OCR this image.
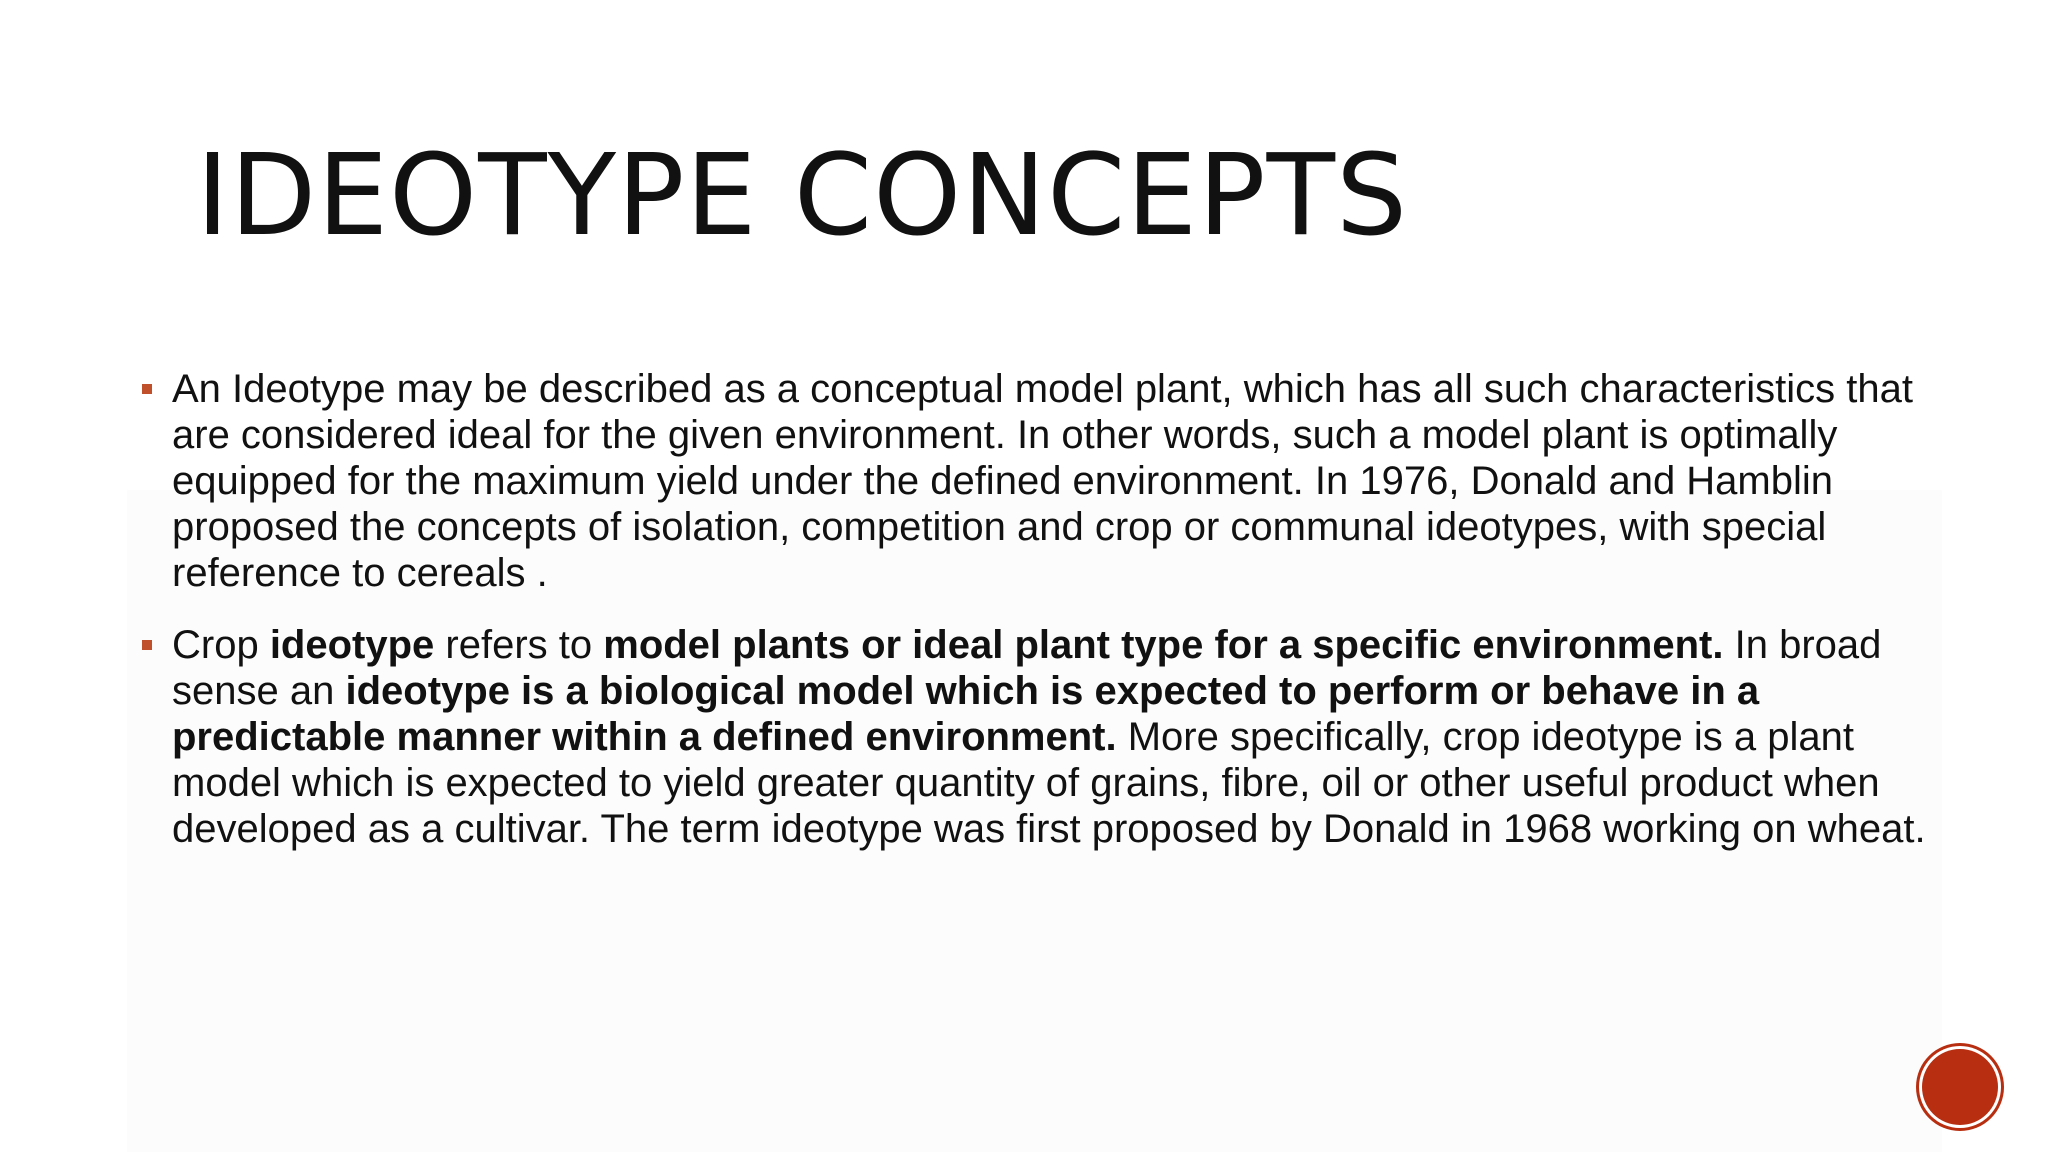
IDEOTYPE CONCEPTS
An Ideotype may be described as a conceptual model plant, which has all such characteristics that are considered ideal for the given environment. In other words, such a model plant is optimally equipped for the maximum yield under the defined environment. In 1976, Donald and Hamblin proposed the concepts of isolation, competition and crop or communal ideotypes, with special reference to cereals .
Crop ideotype refers to model plants or ideal plant type for a specific environment. In broad sense an ideotype is a biological model which is expected to perform or behave in a predictable manner within a defined environment. More specifically, crop ideotype is a plant model which is expected to yield greater quantity of grains, fibre, oil or other useful product when developed as a cultivar. The term ideotype was first proposed by Donald in 1968 working on wheat.
